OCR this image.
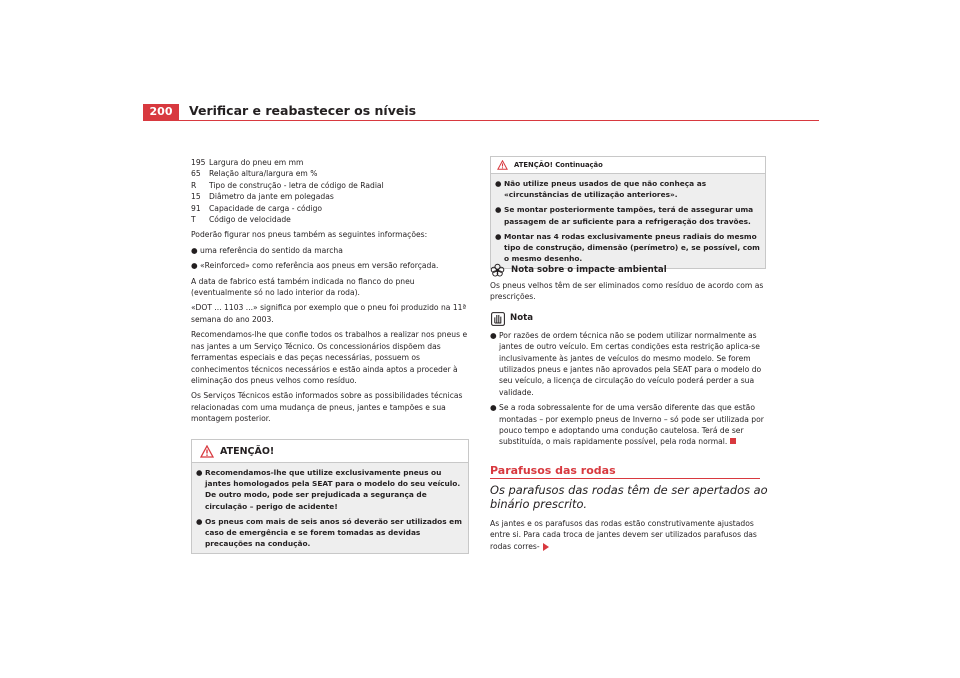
200	Verificar e reabastecer os níveis
195 Largura do pneu em mm
65	Relação altura/largura em %
R	Tipo de construção - letra de código de Radial
15	Diâmetro da jante em polegadas
91	Capacidade de carga - código
T	Código de velocidade

Poderão figurar nos pneus também as seguintes informações:

● uma referência do sentido da marcha
● «Reinforced» como referência aos pneus em versão reforçada.

A data de fabrico está também indicada no flanco do pneu (eventualmente só no lado interior da roda).

«DOT ... 1103 ...» significa por exemplo que o pneu foi produzido na 11ª semana do ano 2003.

Recomendamos-lhe que confie todos os trabalhos a realizar nos pneus e nas jantes a um Serviço Técnico. Os concessionários dispõem das ferramentas especiais e das peças necessárias, possuem os conhecimentos técnicos necessários e estão ainda aptos a proceder à eliminação dos pneus velhos como resíduo.

Os Serviços Técnicos estão informados sobre as possibilidades técnicas relacionadas com uma mudança de pneus, jantes e tampões e sua montagem posterior.

ATENÇÃO!
● Recomendamos-lhe que utilize exclusivamente pneus ou jantes homologados pela SEAT para o modelo do seu veículo. De outro modo, pode ser prejudicada a segurança de circulação – perigo de acidente!
● Os pneus com mais de seis anos só deverão ser utilizados em caso de emergência e se forem tomadas as devidas precauções na condução.
ATENÇÃO! Continuação
● Não utilize pneus usados de que não conheça as «circunstâncias de utilização anteriores».
● Se montar posteriormente tampões, terá de assegurar uma passagem de ar suficiente para a refrigeração dos travões.
● Montar nas 4 rodas exclusivamente pneus radiais do mesmo tipo de construção, dimensão (perímetro) e, se possível, com o mesmo desenho.
Nota sobre o impacte ambiental

Os pneus velhos têm de ser eliminados como resíduo de acordo com as prescrições.

Nota
● Por razões de ordem técnica não se podem utilizar normalmente as jantes de outro veículo. Em certas condições esta restrição aplica-se inclusivamente às jantes de veículos do mesmo modelo. Se forem utilizados pneus e jantes não aprovados pela SEAT para o modelo do seu veículo, a licença de circulação do veículo poderá perder a sua validade.
● Se a roda sobressalente for de uma versão diferente das que estão montadas – por exemplo pneus de Inverno – só pode ser utilizada por pouco tempo e adoptando uma condução cautelosa. Terá de ser substituída, o mais rapidamente possível, pela roda normal.
Parafusos das rodas
Os parafusos das rodas têm de ser apertados ao binário prescrito.
As jantes e os parafusos das rodas estão construtivamente ajustados entre si. Para cada troca de jantes devem ser utilizados parafusos das rodas corres-
